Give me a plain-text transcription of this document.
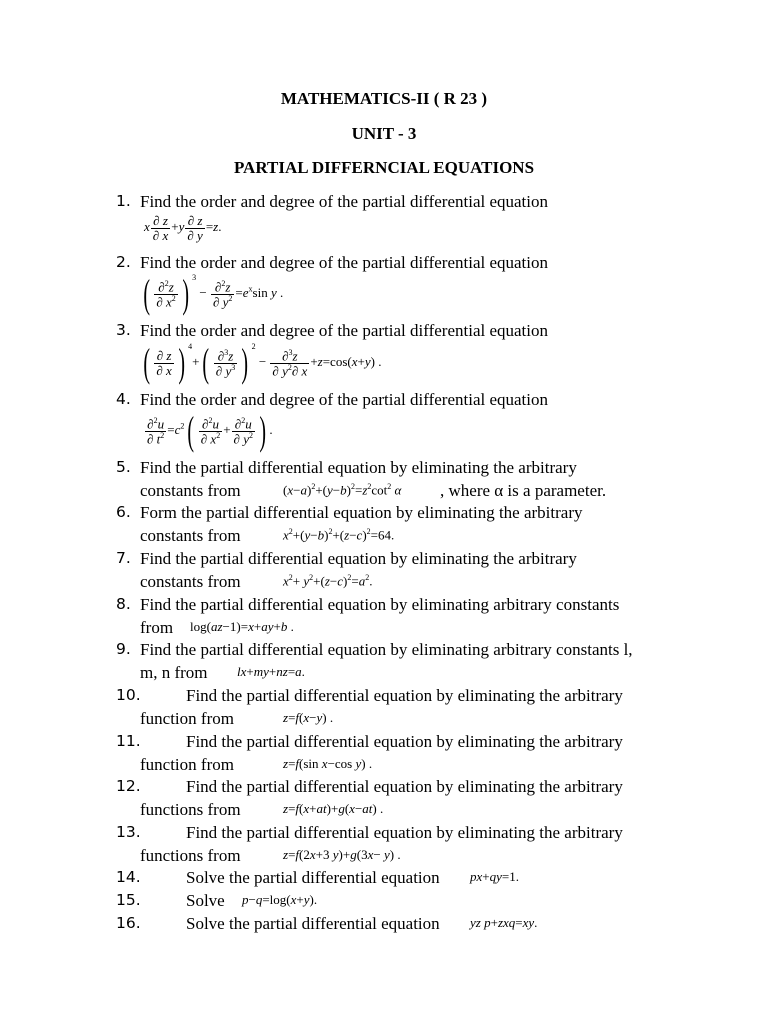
MATHEMATICS-II ( R 23 )
UNIT - 3
PARTIAL DIFFERNCIAL EQUATIONS
1. Find the order and degree of the partial differential equation
x $\frac{\partial z}{\partial x} +y \frac{\partial z}{\partial y} =z$.
2. Find the order and degree of the partial differential equation
( $\frac{\partial^2z}{\partial x^2}$ ) $^3 - \frac{\partial^2z}{\partial y^2} =e^x\sin$ y .
3. Find the order and degree of the partial differential equation
( $\frac{\partial z}{\partial x}$ ) $^4+( \frac{\partial^3z}{\partial y^3}$ ) $^2 - \frac{\partial^3z}{\partial y^2\partial x} +z=\cos(x+y)$ .
4. Find the order and degree of the partial differential equation
$\frac{\partial^2u}{\partial t^2} =c^2( \frac{\partial^2u}{\partial x^2} + \frac{\partial^2u}{\partial y^2}$ ) .
5. Find the partial differential equation by eliminating the arbitrary
constants from	$(x-a)^2+(y-b)^2=z^2\cot^2$ α , where α is a parameter.
6. Form the partial differential equation by eliminating the arbitrary
constants from	$x^2+(y-b)^2+(z-c)^2=64$.
7. Find the partial differential equation by eliminating the arbitrary
constants from	$x^2+ y^2+(z-c)^2=a^2$.
8. Find the partial differential equation by eliminating arbitrary constants
from log(az−1)=x+ay+b .
9. Find the partial differential equation by eliminating arbitrary constants l,
m, n from lx+my+nz=a.
10.	Find the partial differential equation by eliminating the arbitrary
function from	z=f(x−y) .
11.	Find the partial differential equation by eliminating the arbitrary
function from	z=f(sin x−cos y) .
12.	Find the partial differential equation by eliminating the arbitrary
functions from	z=f(x+at)+g(x−at) .
13.	Find the partial differential equation by eliminating the arbitrary
functions from	z=f(2x+3 y)+g(3x− y) .
14.	Solve the partial differential equation px+qy=1.
15.	Solve p−q=log(x+y).
16.	Solve the partial differential equation yz p+zxq=xy.
